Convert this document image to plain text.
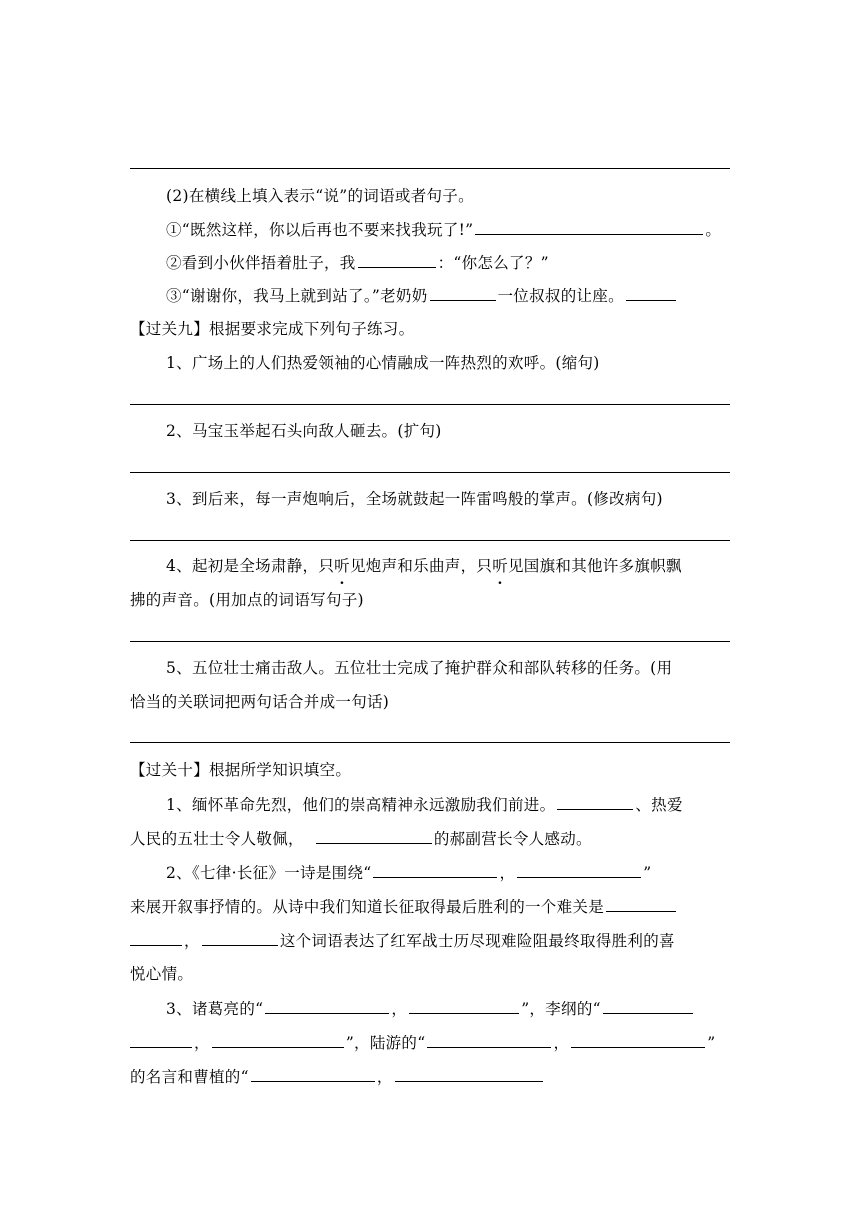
(2)在横线上填入表示“说”的词语或者句子。
①“既然这样，你以后再也不要来找我玩了!”	。
②看到小伙伴捂着肚子，我	：“你怎么了？”
③“谢谢你，我马上就到站了。”老奶奶	一位叔叔的让座。
【过关九】根据要求完成下列句子练习。
1、广场上的人们热爱领袖的心情融成一阵热烈的欢呼。(缩句)
2、马宝玉举起石头向敌人砸去。(扩句)
3、到后来，每一声炮响后，全场就鼓起一阵雷鸣般的掌声。(修改病句)
4、起初是全场肃静，只听见炮声和乐曲声，只听见国旗和其他许多旗帜飘
拂的声音。(用加点的词语写句子)
5、五位壮士痛击敌人。五位壮士完成了掩护群众和部队转移的任务。(用
恰当的关联词把两句话合并成一句话)
【过关十】根据所学知识填空。
1、缅怀革命先烈，他们的崇高精神永远激励我们前进。	、热爱
人民的五壮士令人敬佩，	的郝副营长令人感动。
2、《七律·长征》一诗是围绕“	，	”
来展开叙事抒情的。从诗中我们知道长征取得最后胜利的一个难关是
，	这个词语表达了红军战士历尽现难险阻最终取得胜利的喜
悦心情。
3、诸葛亮的“	，	”，李纲的“
，	”，陆游的“	，	”
的名言和曹植的“	，
